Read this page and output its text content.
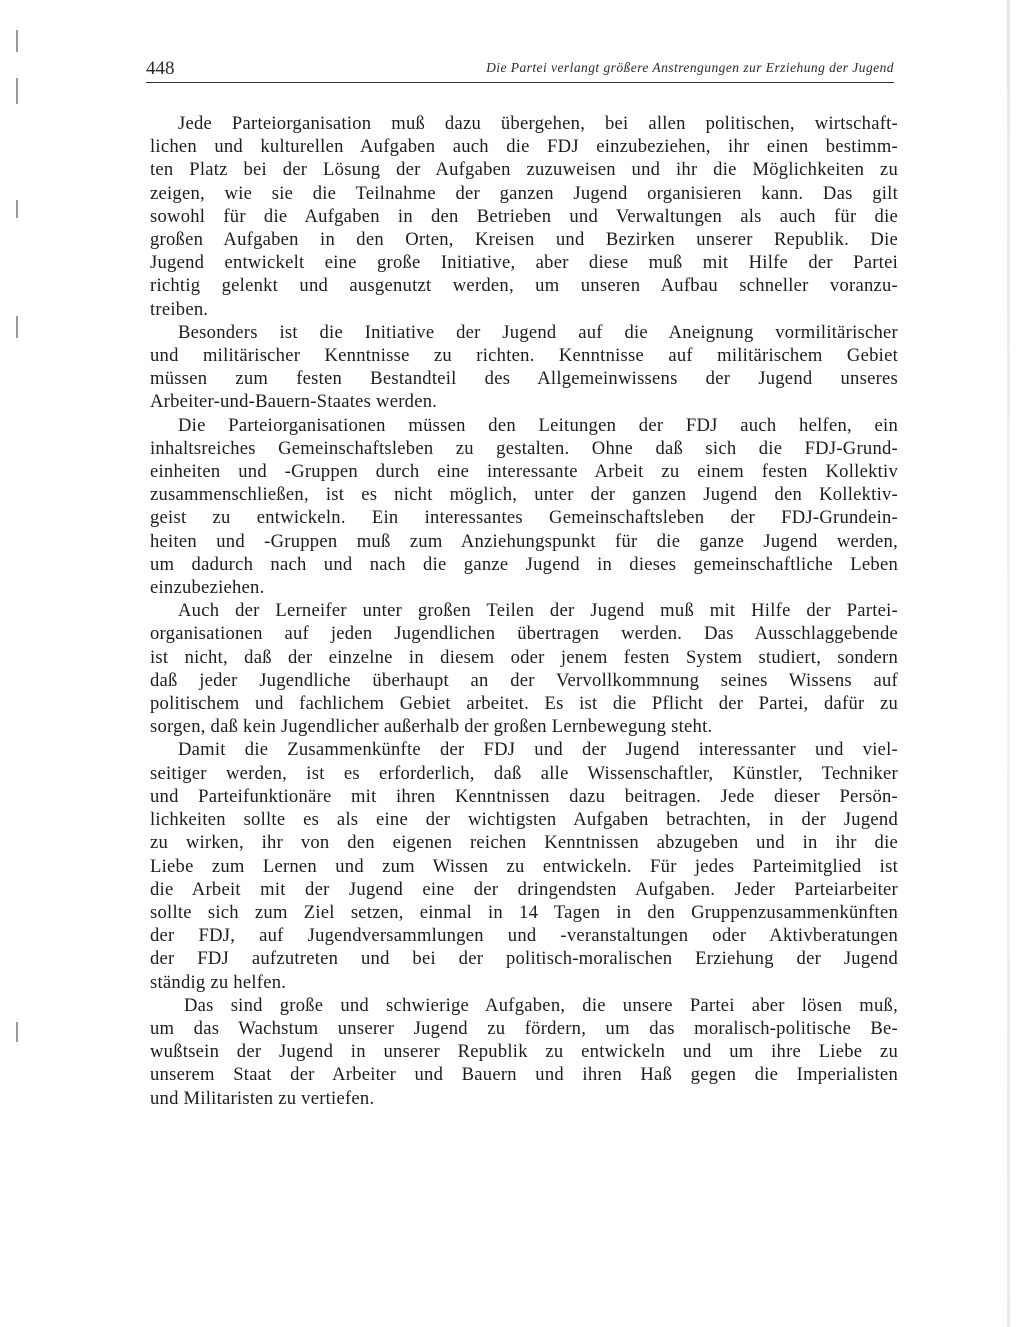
448	Die Partei verlangt größere Anstrengungen zur Erziehung der Jugend

Jede Parteiorganisation muß dazu übergehen, bei allen politischen, wirtschaft-
lichen und kulturellen Aufgaben auch die FDJ einzubeziehen, ihr einen bestimm-
ten Platz bei der Lösung der Aufgaben zuzuweisen und ihr die Möglichkeiten zu
zeigen, wie sie die Teilnahme der ganzen Jugend organisieren kann. Das gilt
sowohl für die Aufgaben in den Betrieben und Verwaltungen als auch für die
großen Aufgaben in den Orten, Kreisen und Bezirken unserer Republik. Die
Jugend entwickelt eine große Initiative, aber diese muß mit Hilfe der Partei
richtig gelenkt und ausgenutzt werden, um unseren Aufbau schneller voranzu-
treiben.

Besonders ist die Initiative der Jugend auf die Aneignung vormilitärischer
und militärischer Kenntnisse zu richten. Kenntnisse auf militärischem Gebiet
müssen zum festen Bestandteil des Allgemeinwissens der Jugend unseres
Arbeiter-und-Bauern-Staates werden.

Die Parteiorganisationen müssen den Leitungen der FDJ auch helfen, ein
inhaltsreiches Gemeinschaftsleben zu gestalten. Ohne daß sich die FDJ-Grund-
einheiten und -Gruppen durch eine interessante Arbeit zu einem festen Kollektiv
zusammenschließen, ist es nicht möglich, unter der ganzen Jugend den Kollektiv-
geist zu entwickeln. Ein interessantes Gemeinschaftsleben der FDJ-Grundein-
heiten und -Gruppen muß zum Anziehungspunkt für die ganze Jugend werden,
um dadurch nach und nach die ganze Jugend in dieses gemeinschaftliche Leben
einzubeziehen.

Auch der Lerneifer unter großen Teilen der Jugend muß mit Hilfe der Partei-
organisationen auf jeden Jugendlichen übertragen werden. Das Ausschlaggebende
ist nicht, daß der einzelne in diesem oder jenem festen System studiert, sondern
daß jeder Jugendliche überhaupt an der Vervollkommnung seines Wissens auf
politischem und fachlichem Gebiet arbeitet. Es ist die Pflicht der Partei, dafür zu
sorgen, daß kein Jugendlicher außerhalb der großen Lernbewegung steht.

Damit die Zusammenkünfte der FDJ und der Jugend interessanter und viel-
seitiger werden, ist es erforderlich, daß alle Wissenschaftler, Künstler, Techniker
und Parteifunktionäre mit ihren Kenntnissen dazu beitragen. Jede dieser Persön-
lichkeiten sollte es als eine der wichtigsten Aufgaben betrachten, in der Jugend
zu wirken, ihr von den eigenen reichen Kenntnissen abzugeben und in ihr die
Liebe zum Lernen und zum Wissen zu entwickeln. Für jedes Parteimitglied ist
die Arbeit mit der Jugend eine der dringendsten Aufgaben. Jeder Parteiarbeiter
sollte sich zum Ziel setzen, einmal in 14 Tagen in den Gruppenzusammenkünften
der FDJ, auf Jugendversammlungen und -veranstaltungen oder Aktivberatungen
der FDJ aufzutreten und bei der politisch-moralischen Erziehung der Jugend
ständig zu helfen.

Das sind große und schwierige Aufgaben, die unsere Partei aber lösen muß,
um das Wachstum unserer Jugend zu fördern, um das moralisch-politische Be-
wußtsein der Jugend in unserer Republik zu entwickeln und um ihre Liebe zu
unserem Staat der Arbeiter und Bauern und ihren Haß gegen die Imperialisten
und Militaristen zu vertiefen.
